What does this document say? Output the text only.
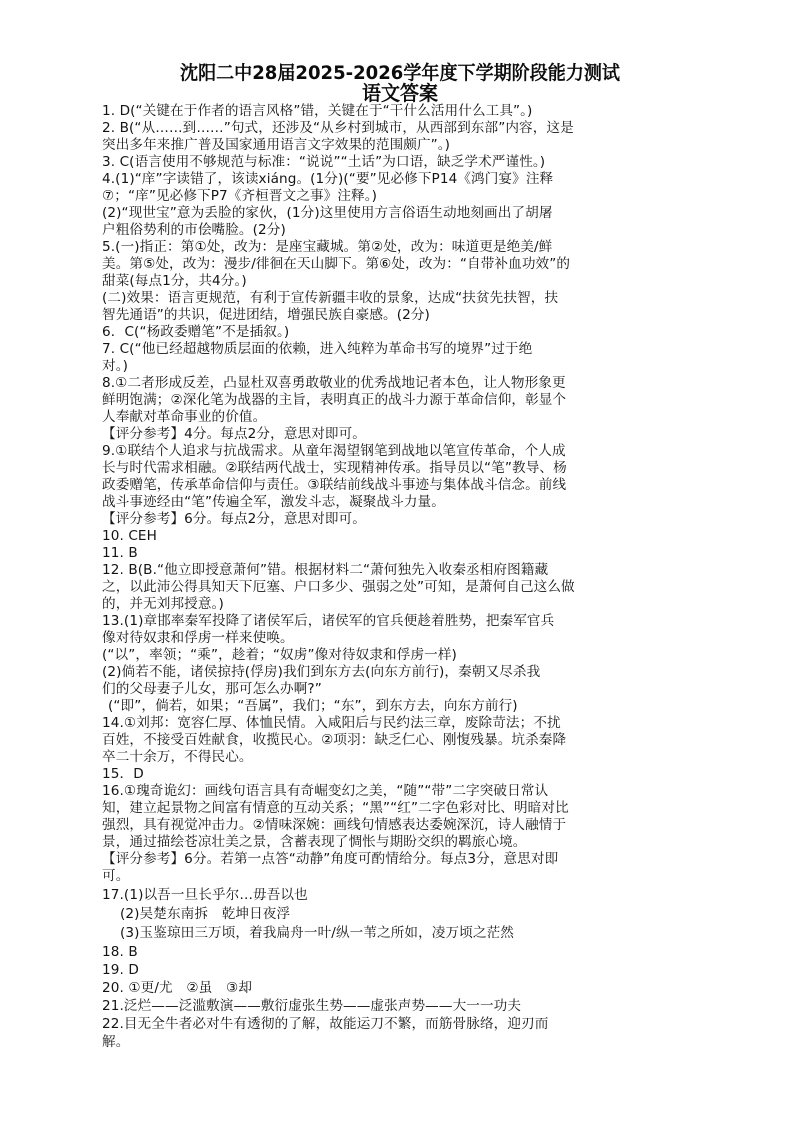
沈阳二中28届2025-2026学年度下学期阶段能力测试
语文答案
1. D(“关键在于作者的语言风格”错，关键在于“干什么活用什么工具”。)
2. B(“从……到……”句式，还涉及“从乡村到城市，从西部到东部”内容，这是
突出多年来推广普及国家通用语言文字效果的范围颇广”。)
3. C(语言使用不够规范与标准：“说说”“土话”为口语，缺乏学术严谨性。)
4.(1)“庠”字读错了，该读xiáng。(1分)(“要”见必修下P14《鸿门宴》注释
⑦；“庠”见必修下P7《齐桓晋文之事》注释。)
(2)“现世宝”意为丢脸的家伙，(1分)这里使用方言俗语生动地刻画出了胡屠
户粗俗势利的市侩嘴脸。(2分)
5.(一)指正：第①处，改为：是座宝藏城。第②处，改为：味道更是绝美/鲜
美。第⑤处，改为：漫步/徘徊在天山脚下。第⑥处，改为：“自带补血功效”的
甜菜(每点1分，共4分。)
(二)效果：语言更规范，有利于宣传新疆丰收的景象，达成“扶贫先扶智，扶
智先通语”的共识，促进团结，增强民族自豪感。(2分)
6．C(“杨政委赠笔”不是插叙。)
7. C(“他已经超越物质层面的依赖，进入纯粹为革命书写的境界”过于绝
对。)
8.①二者形成反差，凸显杜双喜勇敢敬业的优秀战地记者本色，让人物形象更
鲜明饱满；②深化笔为战器的主旨，表明真正的战斗力源于革命信仰，彰显个
人奉献对革命事业的价值。
【评分参考】4分。每点2分，意思对即可。
9.①联结个人追求与抗战需求。从童年渴望钢笔到战地以笔宣传革命，个人成
长与时代需求相融。②联结两代战士，实现精神传承。指导员以“笔”教导、杨
政委赠笔，传承革命信仰与责任。③联结前线战斗事迹与集体战斗信念。前线
战斗事迹经由“笔”传遍全军，激发斗志，凝聚战斗力量。
【评分参考】6分。每点2分，意思对即可。
10. CEH
11. B
12. B(B.“他立即授意萧何”错。根据材料二“萧何独先入收秦丞相府图籍藏
之，以此沛公得具知天下厄塞、户口多少、强弱之处”可知，是萧何自己这么做
的，并无刘邦授意。)
13.(1)章邯率秦军投降了诸侯军后，诸侯军的官兵便趁着胜势，把秦军官兵
像对待奴隶和俘虏一样来使唤。
(“以”，率领；“乘”，趁着；“奴虏”像对待奴隶和俘虏一样)
(2)倘若不能，诸侯掠持(俘房)我们到东方去(向东方前行)，秦朝又尽杀我
们的父母妻子儿女，那可怎么办啊?”
(“即”，倘若，如果；“吾属”，我们；“东”，到东方去，向东方前行)
14.①刘邦：宽容仁厚、体恤民情。入咸阳后与民约法三章，废除苛法；不扰
百姓，不接受百姓献食，收揽民心。②项羽：缺乏仁心、刚愎残暴。坑杀秦降
卒二十余万，不得民心。
15．D
16.①瑰奇诡幻：画线句语言具有奇崛变幻之美，“随”“带”二字突破日常认
知，建立起景物之间富有情意的互动关系；“黑”“红”二字色彩对比、明暗对比
强烈，具有视觉冲击力。②情味深婉：画线句情感表达委婉深沉，诗人融情于
景，通过描绘苍凉壮美之景，含蓄表现了惆怅与期盼交织的羁旅心境。
【评分参考】6分。若第一点答“动静”角度可酌情给分。每点3分，意思对即
可。
17.(1)以吾一旦长乎尔…毋吾以也
(2)吴楚东南拆　乾坤日夜浮
(3)玉鉴琼田三万顷，着我扁舟一叶/纵一苇之所如，凌万顷之茫然
18. B
19. D
20. ①更/尤　②虽　③却
21.泛烂——泛滥敷演——敷衍虚张生势——虚张声势——大一一功夫
22.目无全牛者必对牛有透彻的了解，故能运刀不繁，而筋骨脉络，迎刃而
解。
